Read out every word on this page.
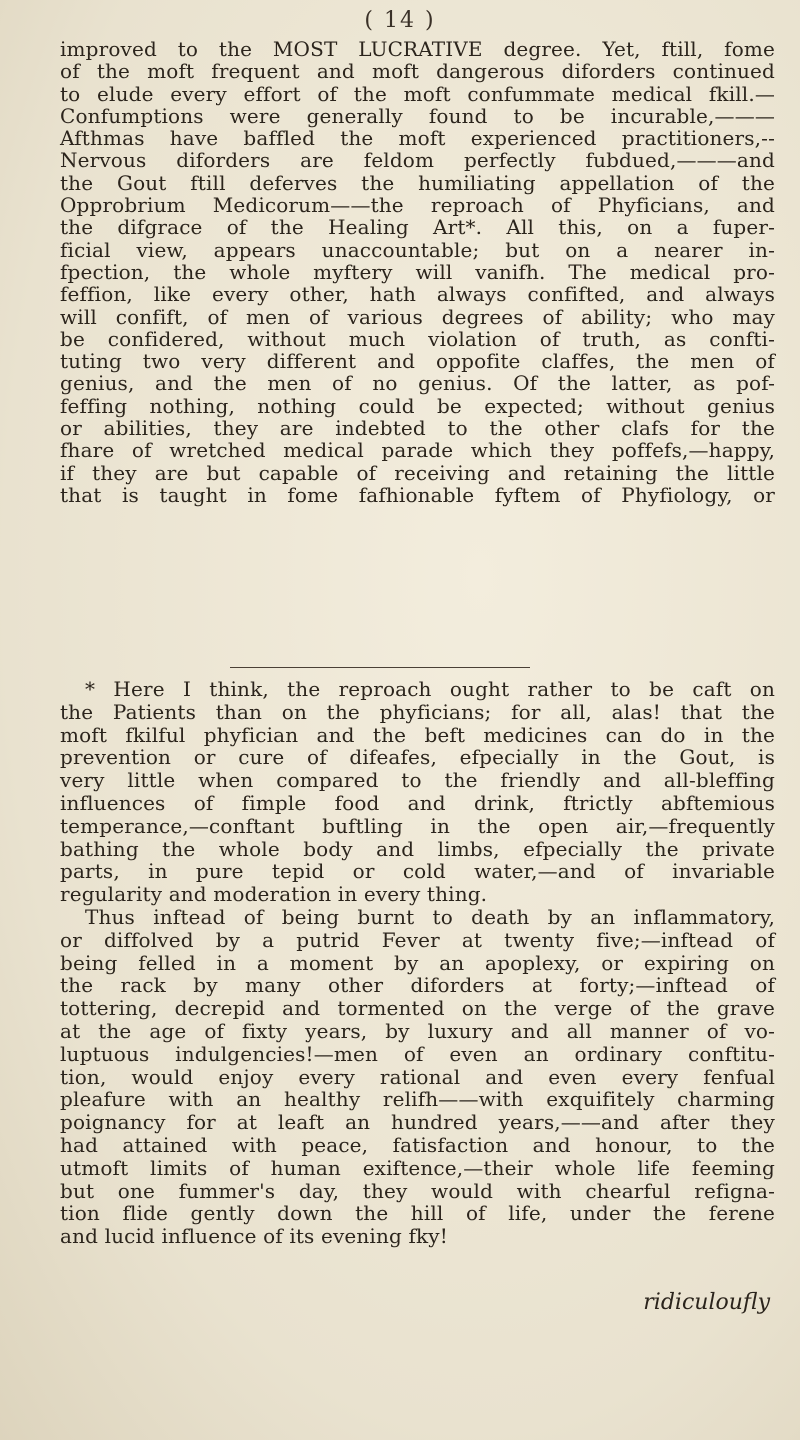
( 14 )
improved to the MOST LUCRATIVE degree. Yet, ftill, fome
of the moft frequent and moft dangerous diforders continued
to elude every effort of the moft confummate medical fkill.—
Confumptions were generally found to be incurable,———
Afthmas have baffled the moft experienced practitioners,--
Nervous diforders are feldom perfectly fubdued,———and
the Gout ftill deferves the humiliating appellation of the
Opprobrium Medicorum——the reproach of Phyficians, and
the difgrace of the Healing Art*. All this, on a fuper-
ficial view, appears unaccountable; but on a nearer in-
fpection, the whole myftery will vanifh. The medical pro-
feffion, like every other, hath always confifted, and always
will confift, of men of various degrees of ability; who may
be confidered, without much violation of truth, as confti-
tuting two very different and oppofite claffes, the men of
genius, and the men of no genius. Of the latter, as pof-
feffing nothing, nothing could be expected; without genius
or abilities, they are indebted to the other clafs for the
fhare of wretched medical parade which they poffefs,—happy,
if they are but capable of receiving and retaining the little
that is taught in fome fafhionable fyftem of Phyfiology, or
* Here I think, the reproach ought rather to be caft on
the Patients than on the phyficians; for all, alas! that the
moft fkilful phyfician and the beft medicines can do in the
prevention or cure of difeafes, efpecially in the Gout, is
very little when compared to the friendly and all-bleffing
influences of fimple food and drink, ftrictly abftemious
temperance,—conftant buftling in the open air,—frequently
bathing the whole body and limbs, efpecially the private
parts, in pure tepid or cold water,—and of invariable
regularity and moderation in every thing.
Thus inftead of being burnt to death by an inflammatory,
or diffolved by a putrid Fever at twenty five;—inftead of
being felled in a moment by an apoplexy, or expiring on
the rack by many other diforders at forty;—inftead of
tottering, decrepid and tormented on the verge of the grave
at the age of fixty years, by luxury and all manner of vo-
luptuous indulgencies!—men of even an ordinary conftitu-
tion, would enjoy every rational and even every fenfual
pleafure with an healthy relifh——with exquifitely charming
poignancy for at leaft an hundred years,——and after they
had attained with peace, fatisfaction and honour, to the
utmoft limits of human exiftence,—their whole life feeming
but one fummer's day, they would with chearful refigna-
tion flide gently down the hill of life, under the ferene
and lucid influence of its evening fky!
ridiculoufly
